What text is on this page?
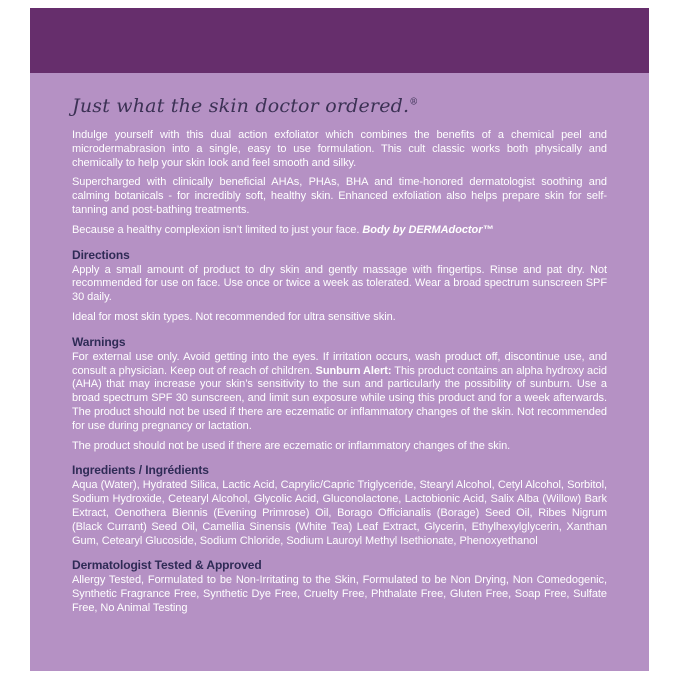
Just what the skin doctor ordered.®

Indulge yourself with this dual action exfoliator which combines the benefits of a chemical peel and microdermabrasion into a single, easy to use formulation. This cult classic works both physically and chemically to help your skin look and feel smooth and silky.

Supercharged with clinically beneficial AHAs, PHAs, BHA and time-honored dermatologist soothing and calming botanicals - for incredibly soft, healthy skin. Enhanced exfoliation also helps prepare skin for self-tanning and post-bathing treatments.

Because a healthy complexion isn’t limited to just your face. Body by DERMAdoctor™

Directions

Apply a small amount of product to dry skin and gently massage with fingertips. Rinse and pat dry. Not recommended for use on face. Use once or twice a week as tolerated. Wear a broad spectrum sunscreen SPF 30 daily.

Ideal for most skin types. Not recommended for ultra sensitive skin.

Warnings

For external use only. Avoid getting into the eyes. If irritation occurs, wash product off, discontinue use, and consult a physician. Keep out of reach of children. Sunburn Alert: This product contains an alpha hydroxy acid (AHA) that may increase your skin’s sensitivity to the sun and particularly the possibility of sunburn. Use a broad spectrum SPF 30 sunscreen, and limit sun exposure while using this product and for a week afterwards. The product should not be used if there are eczematic or inflammatory changes of the skin. Not recommended for use during pregnancy or lactation.

The product should not be used if there are eczematic or inflammatory changes of the skin.

Ingredients / Ingrédients

Aqua (Water), Hydrated Silica, Lactic Acid, Caprylic/Capric Triglyceride, Stearyl Alcohol, Cetyl Alcohol, Sorbitol, Sodium Hydroxide, Cetearyl Alcohol, Glycolic Acid, Gluconolactone, Lactobionic Acid, Salix Alba (Willow) Bark Extract, Oenothera Biennis (Evening Primrose) Oil, Borago Officianalis (Borage) Seed Oil, Ribes Nigrum (Black Currant) Seed Oil, Camellia Sinensis (White Tea) Leaf Extract, Glycerin, Ethylhexylglycerin, Xanthan Gum, Cetearyl Glucoside, Sodium Chloride, Sodium Lauroyl Methyl Isethionate, Phenoxyethanol

Dermatologist Tested & Approved

Allergy Tested, Formulated to be Non-Irritating to the Skin, Formulated to be Non Drying, Non Comedogenic, Synthetic Fragrance Free, Synthetic Dye Free, Cruelty Free, Phthalate Free, Gluten Free, Soap Free, Sulfate Free, No Animal Testing
